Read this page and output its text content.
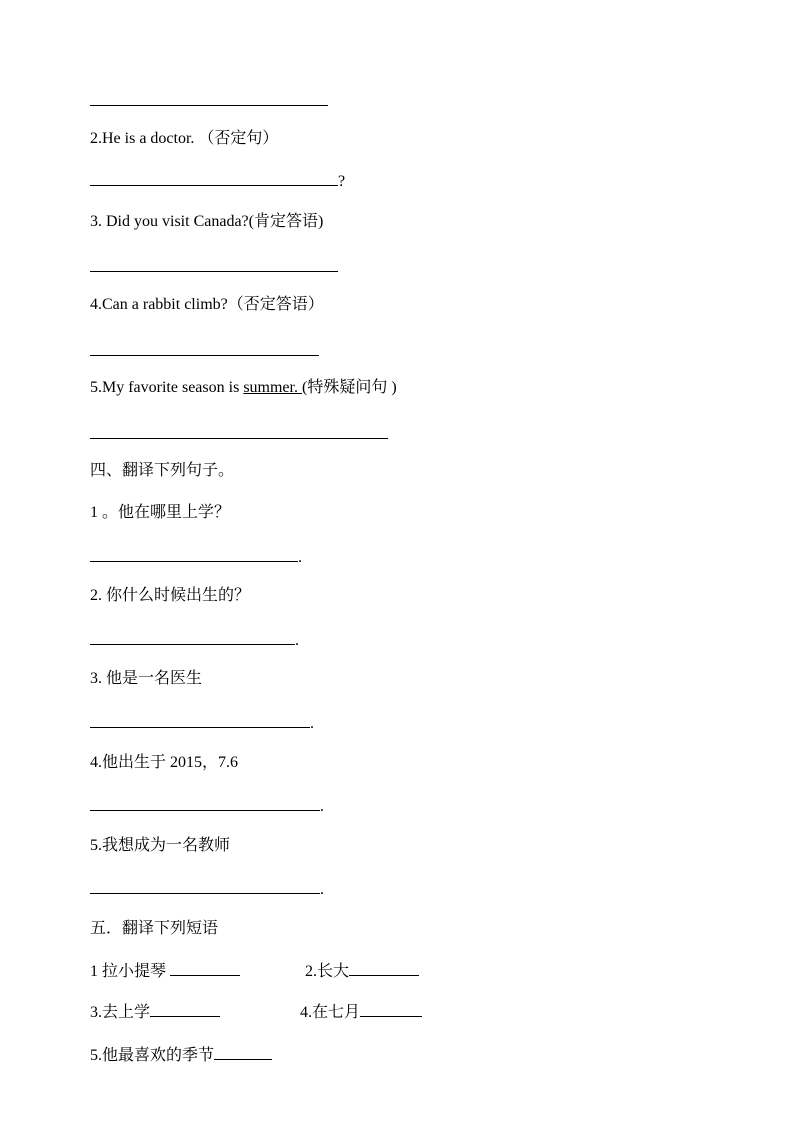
2.He is a doctor. （否定句）
?
3. Did you visit Canada?(肯定答语)
4.Can a rabbit climb?（否定答语）
5.My favorite season is summer. (特殊疑问句 )
四、翻译下列句子。
1 。他在哪里上学？
.
2. 你什么时候出生的？
.
3. 他是一名医生
.
4.他出生于 2015，7.6
.
5.我想成为一名教师
.
五．翻译下列短语
1 拉小提琴	2.长大
3.去上学	4.在七月
5.他最喜欢的季节
